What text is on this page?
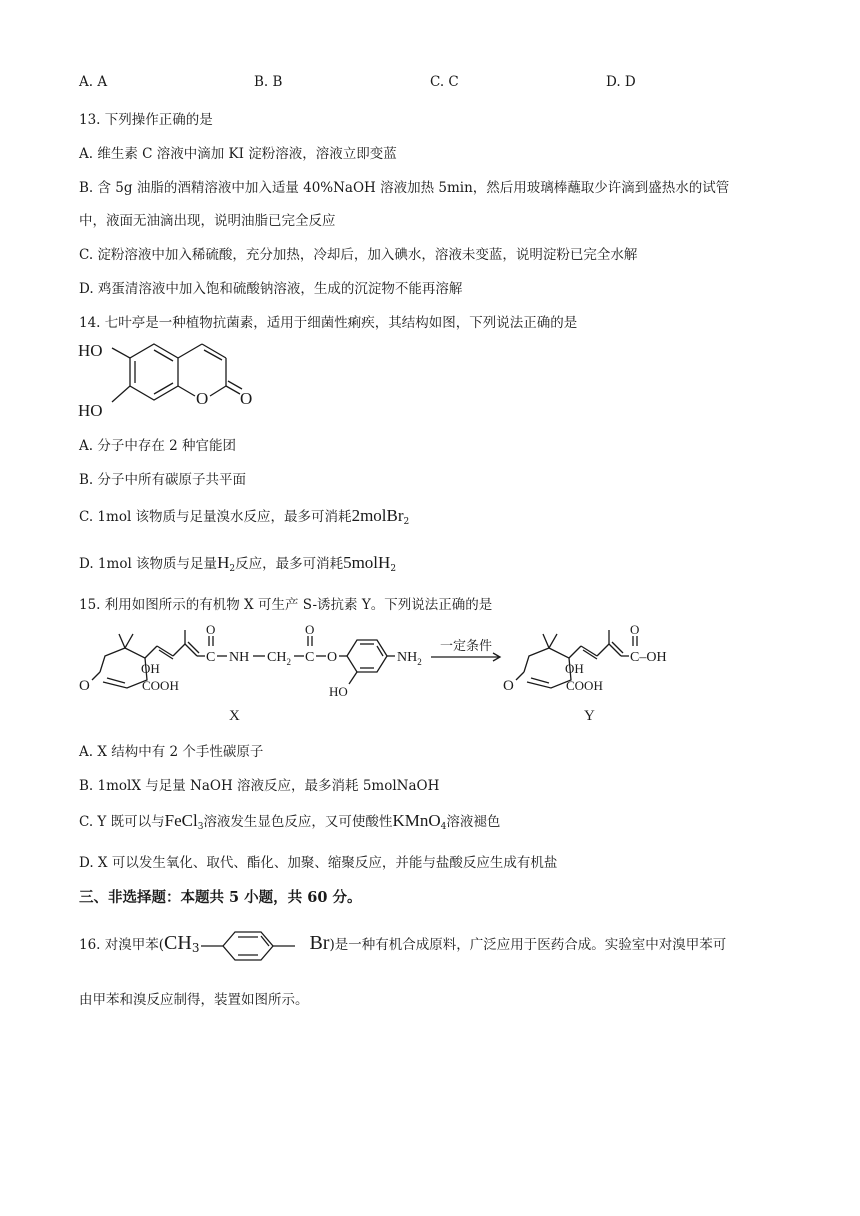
A. A	B. B	C. C	D. D
13. 下列操作正确的是
A. 维生素 C 溶液中滴加 KI 淀粉溶液，溶液立即变蓝
B. 含 5g 油脂的酒精溶液中加入适量 40%NaOH 溶液加热 5min，然后用玻璃棒蘸取少许滴到盛热水的试管
中，液面无油滴出现，说明油脂已完全反应
C. 淀粉溶液中加入稀硫酸，充分加热，冷却后，加入碘水，溶液未变蓝，说明淀粉已完全水解
D. 鸡蛋清溶液中加入饱和硫酸钠溶液，生成的沉淀物不能再溶解
14. 七叶亭是一种植物抗菌素，适用于细菌性痢疾，其结构如图，下列说法正确的是
HO
HO
O O
A. 分子中存在 2 种官能团
B. 分子中所有碳原子共平面
C. 1mol 该物质与足量溴水反应，最多可消耗2molBr$_2$
D. 1mol 该物质与足量$H_2$反应，最多可消耗5molH$_2$
15. 利用如图所示的有机物 X 可生产 S-诱抗素 Y。下列说法正确的是
O
OH
COOH
C
O
NH $CH_2$ C
O
O	$NH_2$
HO
X
一定条件
O
OH
COOH
C–OH
O
Y
A. X 结构中有 2 个手性碳原子
B. 1molX 与足量 NaOH 溶液反应，最多消耗 5molNaOH
C. Y 既可以与FeCl$_3$溶液发生显色反应，又可使酸性KMnO$_4$溶液褪色
D. X 可以发生氧化、取代、酯化、加聚、缩聚反应，并能与盐酸反应生成有机盐
三、非选择题：本题共 5 小题，共 60 分。
16. 对溴甲苯(CH3	Br)是一种有机合成原料，广泛应用于医药合成。实验室中对溴甲苯可
由甲苯和溴反应制得，装置如图所示。
